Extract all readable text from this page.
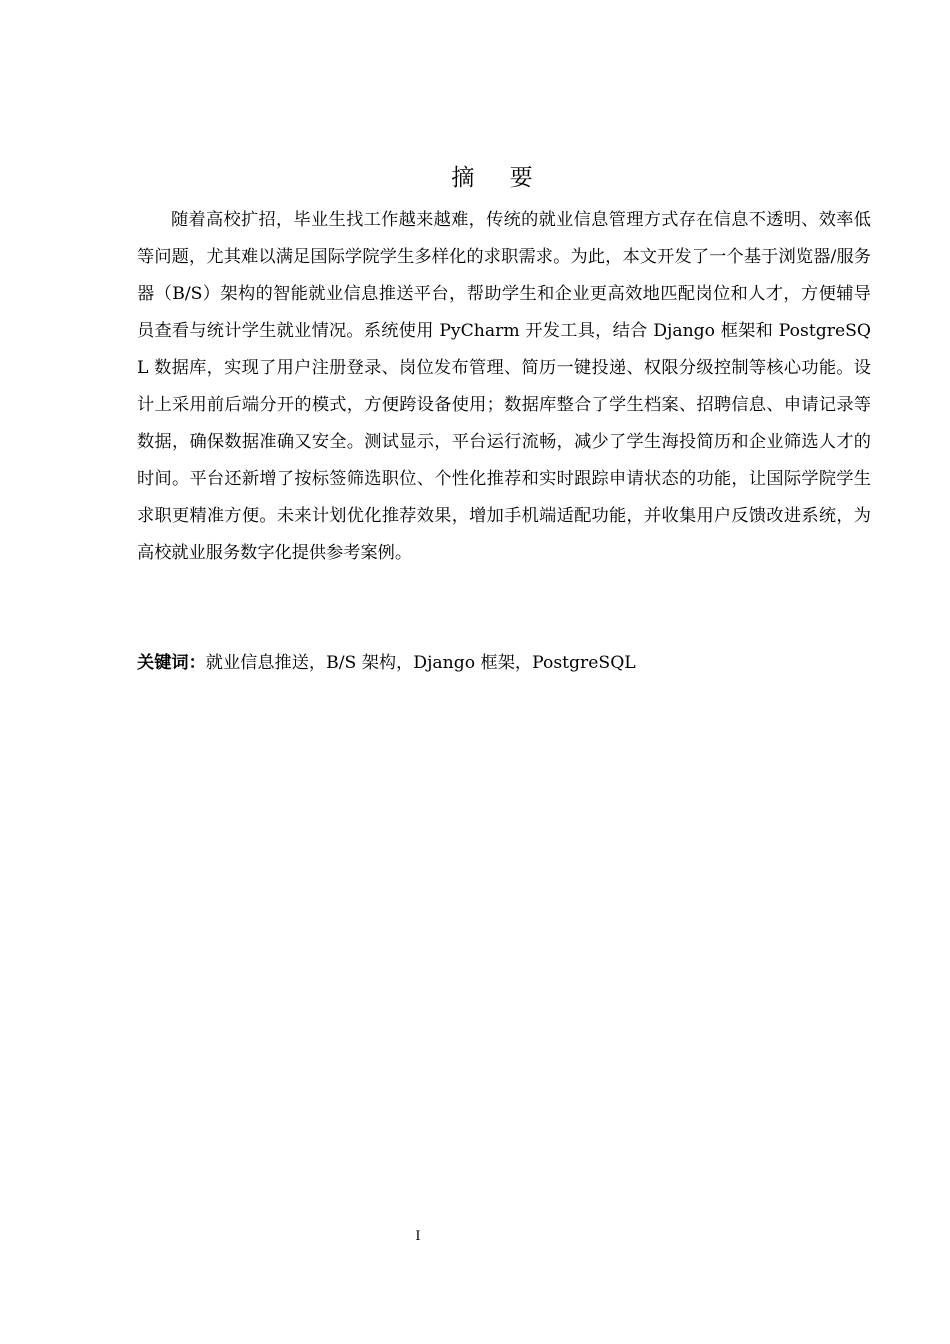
摘 要

随着高校扩招，毕业生找工作越来越难，传统的就业信息管理方式存在信息不透明、效率低等问题，尤其难以满足国际学院学生多样化的求职需求。为此，本文开发了一个基于浏览器/服务器（B/S）架构的智能就业信息推送平台，帮助学生和企业更高效地匹配岗位和人才，方便辅导员查看与统计学生就业情况。系统使用 PyCharm 开发工具，结合 Django 框架和 PostgreSQL 数据库，实现了用户注册登录、岗位发布管理、简历一键投递、权限分级控制等核心功能。设计上采用前后端分开的模式，方便跨设备使用；数据库整合了学生档案、招聘信息、申请记录等数据，确保数据准确又安全。测试显示，平台运行流畅，减少了学生海投简历和企业筛选人才的时间。平台还新增了按标签筛选职位、个性化推荐和实时跟踪申请状态的功能，让国际学院学生求职更精准方便。未来计划优化推荐效果，增加手机端适配功能，并收集用户反馈改进系统，为高校就业服务数字化提供参考案例。

关键词：就业信息推送，B/S 架构，Django 框架，PostgreSQL

I
